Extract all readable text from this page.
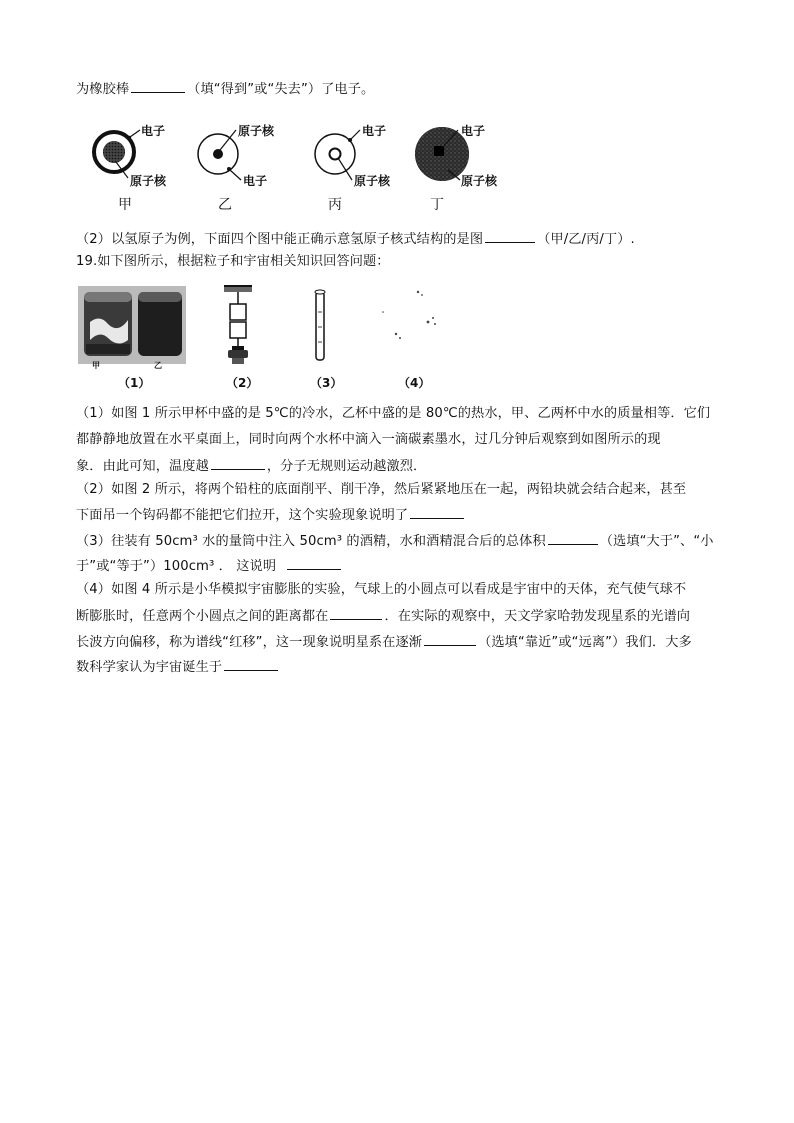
为橡胶棒	（填“得到”或“失去”）了电子。
电子
原子核
原子核
电子
电子
原子核
电子
原子核
甲	乙	丙	丁
（2）以氢原子为例，下面四个图中能正确示意氢原子核式结构的是图	（甲/乙/丙/丁）.
19.如下图所示，根据粒子和宇宙相关知识回答问题：
甲	乙
（1）	（2）	（3）	（4）
（1）如图 1 所示甲杯中盛的是 5℃的冷水，乙杯中盛的是 80℃的热水，甲、乙两杯中水的质量相等．它们
都静静地放置在水平桌面上，同时向两个水杯中滴入一滴碳素墨水，过几分钟后观察到如图所示的现
象．由此可知，温度越	，分子无规则运动越激烈．
（2）如图 2 所示，将两个铅柱的底面削平、削干净，然后紧紧地压在一起，两铅块就会结合起来，甚至
下面吊一个钩码都不能把它们拉开，这个实验现象说明了
（3）往装有 50cm³ 水的量筒中注入 50cm³ 的酒精，水和酒精混合后的总体积	（选填“大于”、“小
于”或“等于”）100cm³ ． 这说明
（4）如图 4 所示是小华模拟宇宙膨胀的实验，气球上的小圆点可以看成是宇宙中的天体，充气使气球不
断膨胀时，任意两个小圆点之间的距离都在	．在实际的观察中，天文学家哈勃发现星系的光谱向
长波方向偏移，称为谱线“红移”，这一现象说明星系在逐渐	（选填“靠近”或“远离”）我们．大多
数科学家认为宇宙诞生于
